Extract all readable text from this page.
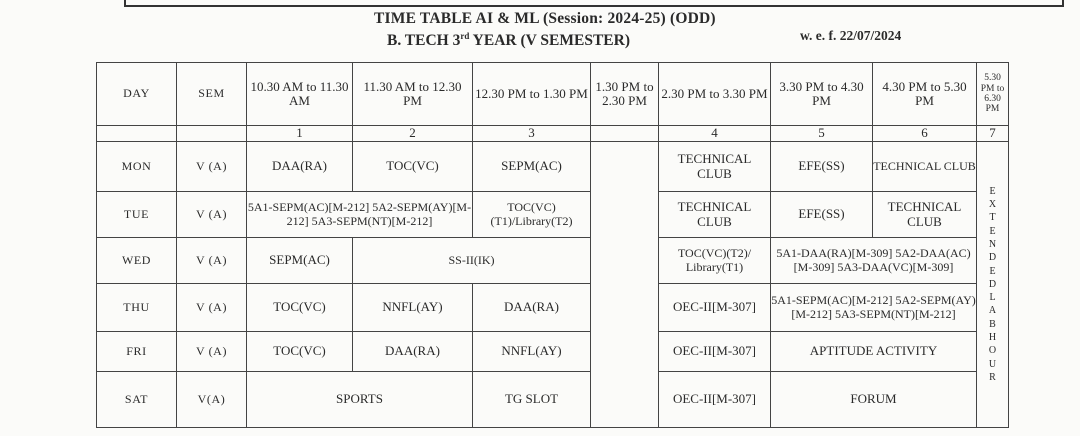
TIME TABLE AI & ML (Session: 2024-25) (ODD)
B. TECH 3rd YEAR (V SEMESTER)	w. e. f. 22/07/2024
DAY	SEM	10.30 AM to 11.30 AM	11.30 AM to 12.30 PM	12.30 PM to 1.30 PM	1.30 PM to 2.30 PM	2.30 PM to 3.30 PM	3.30 PM to 4.30 PM	4.30 PM to 5.30 PM	5.30 PM to 6.30 PM
		1	2	3		4	5	6	7
MON	V (A)	DAA(RA)	TOC(VC)	SEPM(AC)		TECHNICAL CLUB	EFE(SS)	TECHNICAL CLUB	EXTENDED LAB HOUR
TUE	V (A)	5A1-SEPM(AC)[M-212] 5A2-SEPM(AY)[M-212] 5A3-SEPM(NT)[M-212]		TOC(VC)(T1)/Library(T2)		TECHNICAL CLUB	EFE(SS)	TECHNICAL CLUB	
WED	V (A)	SEPM(AC)	SS-II(IK)			TOC(VC)(T2)/ Library(T1)	5A1-DAA(RA)[M-309] 5A2-DAA(AC)[M-309] 5A3-DAA(VC)[M-309]		
THU	V (A)	TOC(VC)	NNFL(AY)	DAA(RA)		OEC-II[M-307]	5A1-SEPM(AC)[M-212] 5A2-SEPM(AY)[M-212] 5A3-SEPM(NT)[M-212]		
FRI	V (A)	TOC(VC)	DAA(RA)	NNFL(AY)		OEC-II[M-307]	APTITUDE ACTIVITY		
SAT	V(A)	SPORTS		TG SLOT		OEC-II[M-307]	FORUM		
